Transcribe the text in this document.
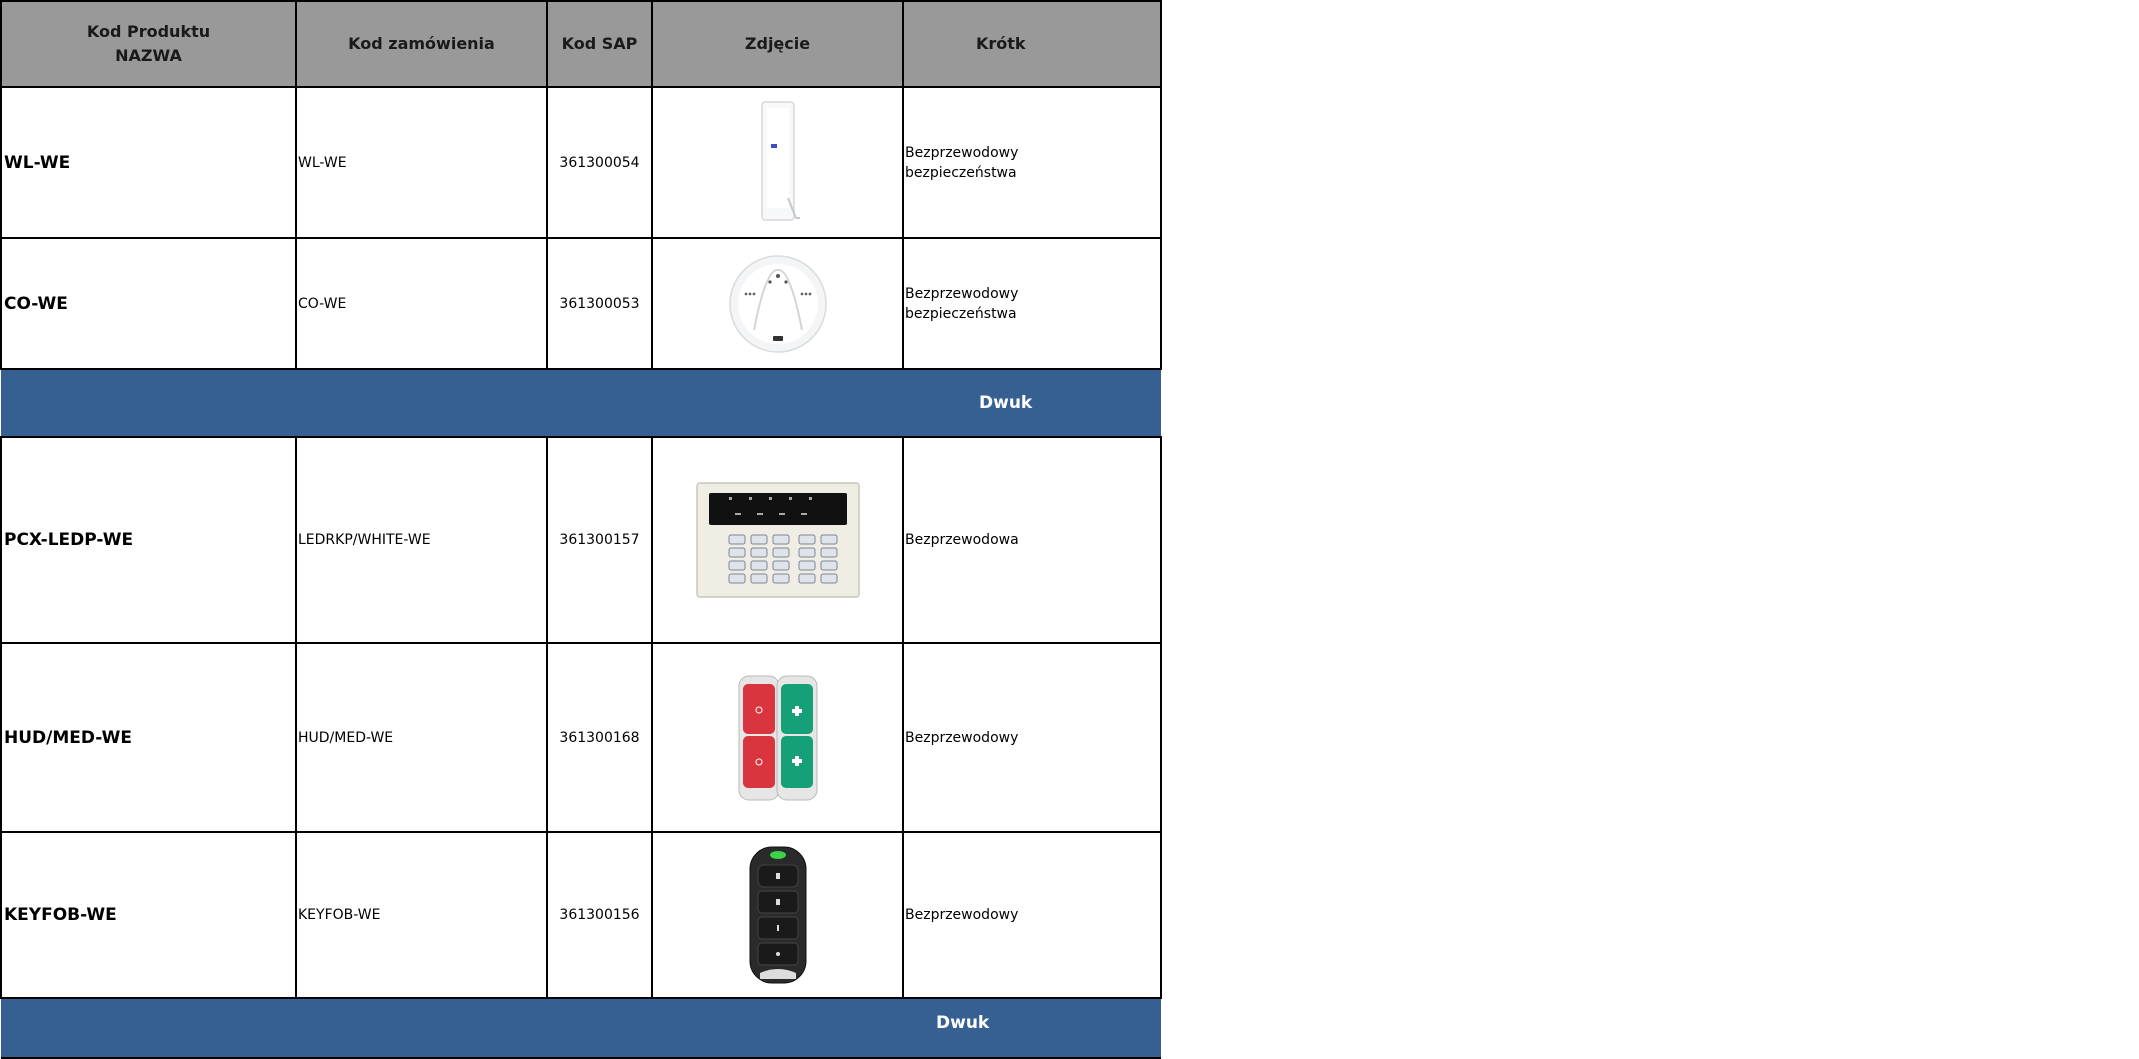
Kod Produktu
NAZWA	Kod zamówienia	Kod SAP	Zdjęcie	Krótk
WL-WE	WL-WE	361300054		Bezprzewodowy
bezpieczeństwa
CO-WE	CO-WE	361300053		Bezprzewodowy
bezpieczeństwa

Dwuk				

PCX-LEDP-WE	LEDRKP/WHITE-WE	361300157		Bezprzewodowa
HUD/MED-WE	HUD/MED-WE	361300168		Bezprzewodowy
KEYFOB-WE	KEYFOB-WE	361300156		Bezprzewodowy

Dwuk				
